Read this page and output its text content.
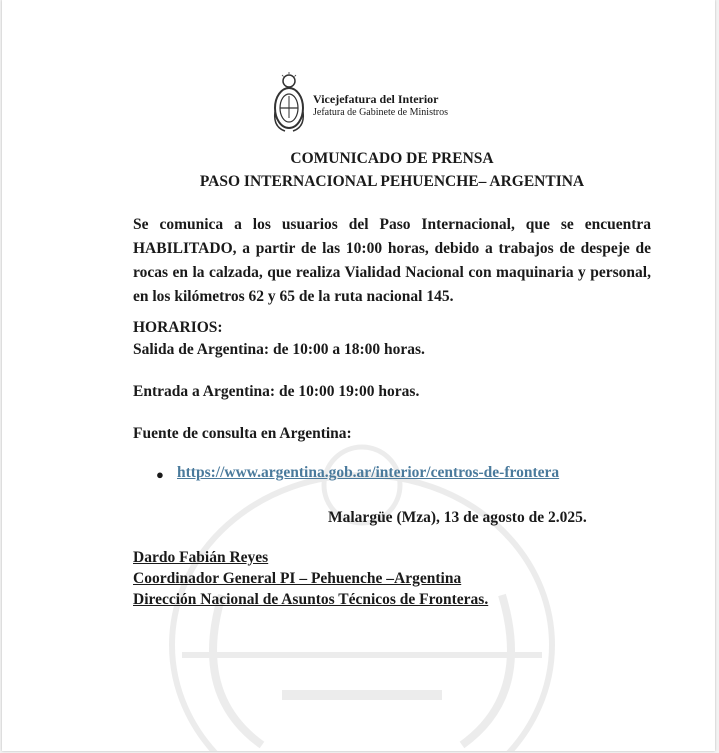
Vicejefatura del Interior
Jefatura de Gabinete de Ministros
COMUNICADO DE PRENSA
PASO INTERNACIONAL PEHUENCHE– ARGENTINA

Se comunica a los usuarios del Paso Internacional, que se encuentra HABILITADO, a partir de las 10:00 horas, debido a trabajos de despeje de rocas en la calzada, que realiza Vialidad Nacional con maquinaria y personal, en los kilómetros 62 y 65 de la ruta nacional 145.

HORARIOS:
Salida de Argentina: de 10:00 a 18:00 horas.
Entrada a Argentina: de 10:00 19:00 horas.
Fuente de consulta en Argentina:
● https://www.argentina.gob.ar/interior/centros-de-frontera
Malargüe (Mza), 13 de agosto de 2.025.
Dardo Fabián Reyes
Coordinador General PI – Pehuenche –Argentina
Dirección Nacional de Asuntos Técnicos de Fronteras.
